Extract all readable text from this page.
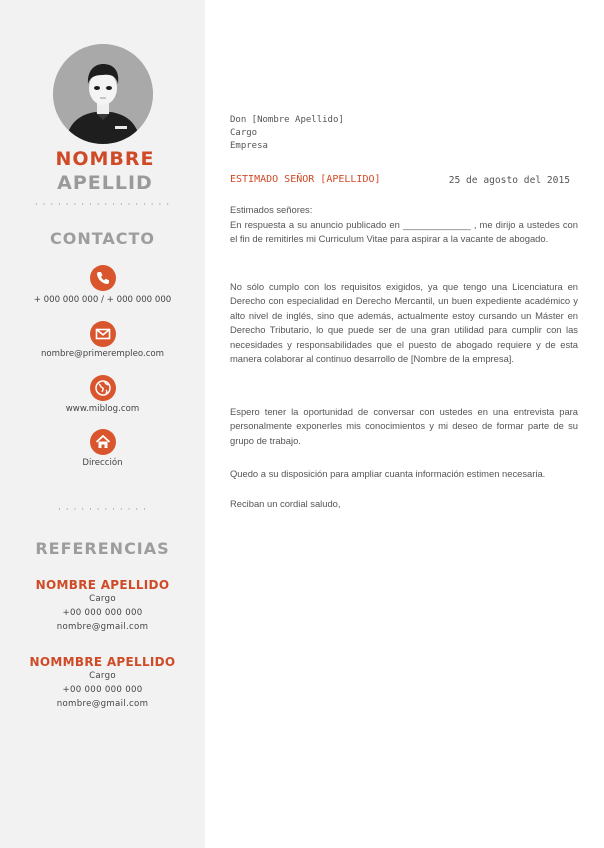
NOMBRE
APELLID
· · · · · · · · · · · · · · · · · ·
CONTACTO
+ 000 000 000 / + 000 000 000
nombre@primerempleo.com
www.miblog.com
Dirección
· · · · · · · · · · · ·
REFERENCIAS
NOMBRE APELLIDO
Cargo
+00 000 000 000
nombre@gmail.com
NOMMBRE APELLIDO
Cargo
+00 000 000 000
nombre@gmail.com
Don [Nombre Apellido]
Cargo
Empresa
ESTIMADO SEÑOR [APELLIDO]	25 de agosto del 2015
Estimados señores:
En respuesta a su anuncio publicado en _____________ , me dirijo a ustedes con el fin de remitirles mi Curriculum Vitae para aspirar a la vacante de abogado.
No sólo cumplo con los requisitos exigidos, ya que tengo una Licenciatura en Derecho con especialidad en Derecho Mercantil, un buen expediente académico y alto nivel de inglés, sino que además, actualmente estoy cursando un Máster en Derecho Tributario, lo que puede ser de una gran utilidad para cumplir con las necesidades y responsabilidades que el puesto de abogado requiere y de esta manera colaborar al continuo desarrollo de [Nombre de la empresa].
Espero tener la oportunidad de conversar con ustedes en una entrevista para personalmente exponerles mis conocimientos y mi deseo de formar parte de su grupo de trabajo.
Quedo a su disposición para ampliar cuanta información estimen necesaria.
Reciban un cordial saludo,
